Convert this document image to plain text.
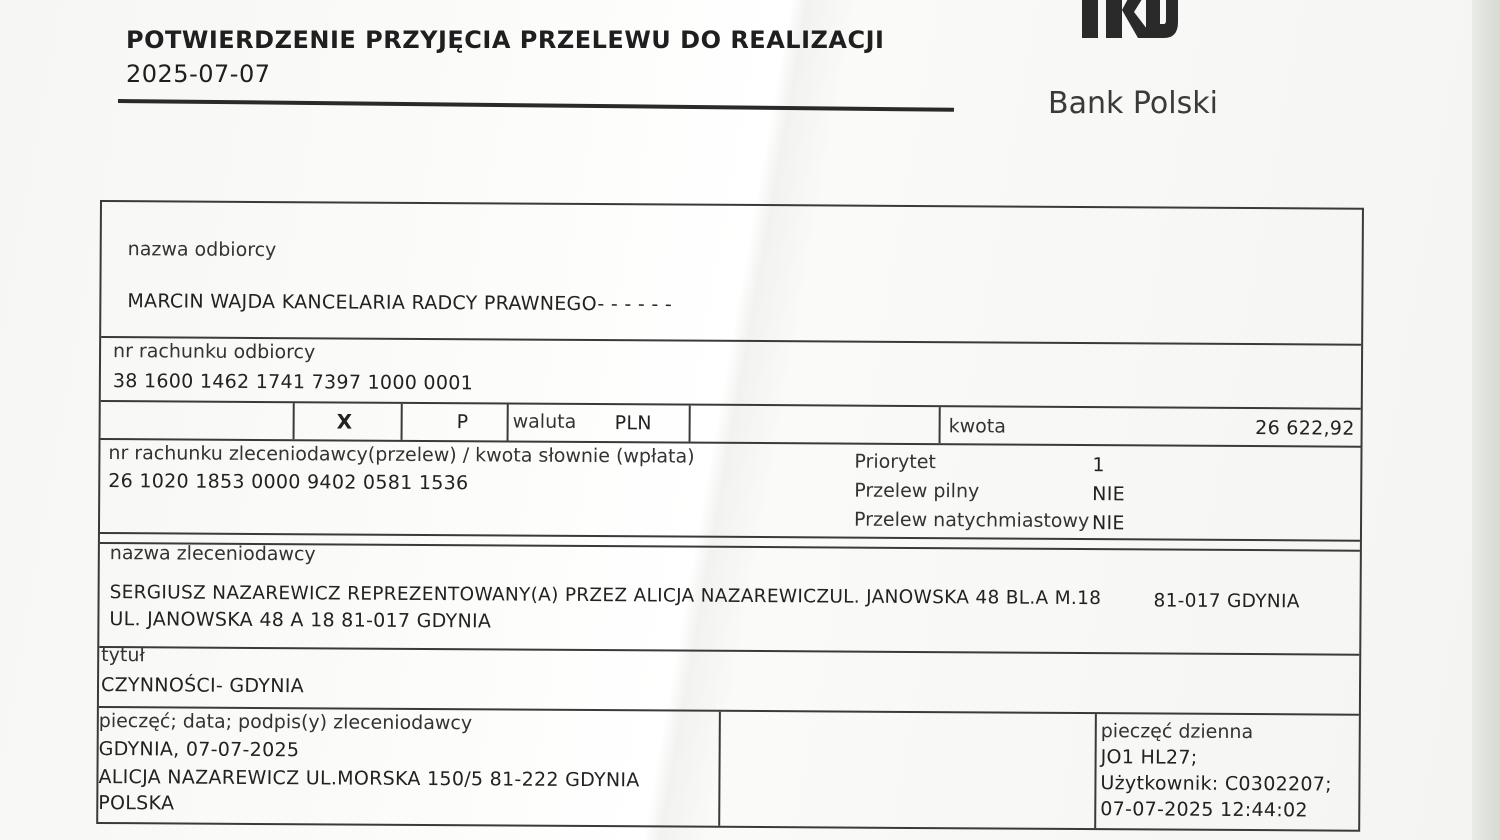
POTWIERDZENIE PRZYJĘCIA PRZELEWU DO REALIZACJI
2025-07-07
Bank Polski
nazwa odbiorcy
MARCIN WAJDA KANCELARIA RADCY PRAWNEGO- - - - - -
nr rachunku odbiorcy
38 1600 1462 1741 7397 1000 0001
X	P waluta PLN	kwota	26 622,92
nr rachunku zleceniodawcy(przelew) / kwota słownie (wpłata)
26 1020 1853 0000 9402 0581 1536
Priorytet	1
Przelew pilny	NIE
Przelew natychmiastowy NIE
nazwa zleceniodawcy
SERGIUSZ NAZAREWICZ REPREZENTOWANY(A) PRZEZ ALICJA NAZAREWICZUL. JANOWSKA 48 BL.A M.18	81-017 GDYNIA
UL. JANOWSKA 48 A 18 81-017 GDYNIA
tytuł
CZYNNOŚCI- GDYNIA
pieczęć; data; podpis(y) zleceniodawcy
GDYNIA, 07-07-2025
ALICJA NAZAREWICZ UL.MORSKA 150/5 81-222 GDYNIA
POLSKA
pieczęć dzienna
JO1 HL27;
Użytkownik: C0302207;
07-07-2025 12:44:02
